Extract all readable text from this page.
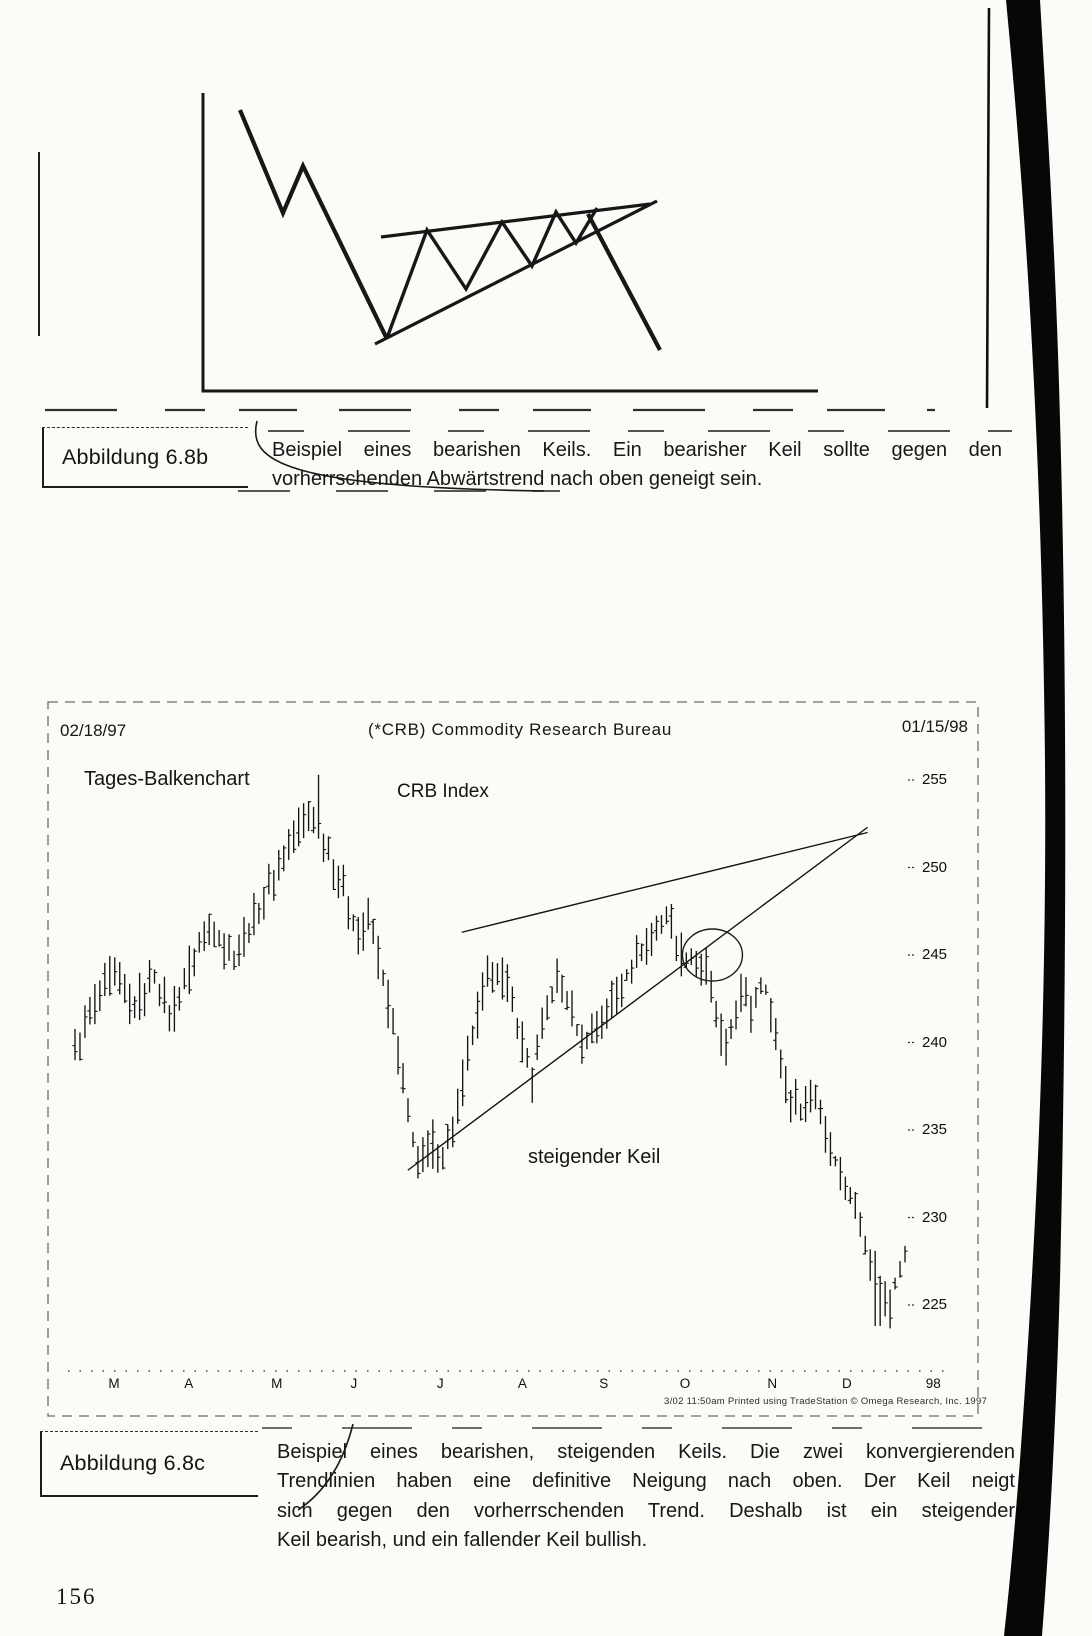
Abbildung 6.8b	Beispiel eines bearishen Keils. Ein bearisher Keil sollte gegen den
vorherrschenden Abwärtstrend nach oben geneigt sein.
02/18/97	(*CRB) Commodity Research Bureau	01/15/98
Tages-Balkenchart
CRB Index
steigender Keil
3/02 11:50am Printed using TradeStation © Omega Research, Inc. 1997
255
250
245
240
235
230
225
M	A	M	J	J	A	S	O	N	D	98
Abbildung 6.8c	Beispiel eines bearishen, steigenden Keils. Die zwei konvergierenden
Trendlinien haben eine definitive Neigung nach oben. Der Keil neigt
sich gegen den vorherrschenden Trend. Deshalb ist ein steigender
Keil bearish, und ein fallender Keil bullish.
156
